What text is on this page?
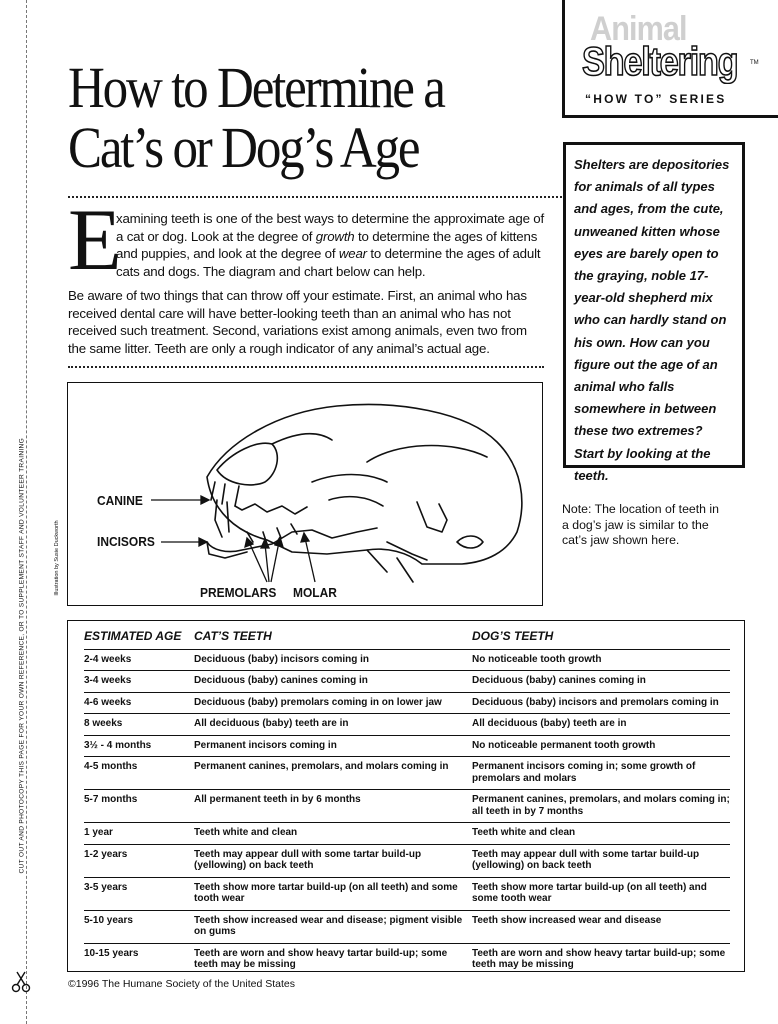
CUT OUT AND PHOTOCOPY THIS PAGE FOR YOUR OWN REFERENCE, OR TO SUPPLEMENT STAFF AND VOLUNTEER TRAINING	Illustration by Susie Duckworth
Animal
Sheltering TM
“HOW TO” SERIES
How to Determine a
Cat’s or Dog’s Age
E
xamining teeth is one of the best ways to determine the approximate age of a cat or dog. Look at the degree of growth to determine the ages of kittens and puppies, and look at the degree of wear to determine the ages of adult cats and dogs. The diagram and chart below can help.
Be aware of two things that can throw off your estimate. First, an animal who has received dental care will have better-looking teeth than an animal who has not received such treatment. Second, variations exist among animals, even two from the same litter. Teeth are only a rough indicator of any animal’s actual age.
Shelters are depositories for animals of all types and ages, from the cute, unweaned kitten whose eyes are barely open to the graying, noble 17-year-old shepherd mix who can hardly stand on his own. How can you figure out the age of an animal who falls somewhere in between these two extremes? Start by looking at the teeth.
CANINE
INCISORS
PREMOLARS MOLAR
Note: The location of teeth in a dog’s jaw is similar to the cat’s jaw shown here.
ESTIMATED AGE	CAT’S TEETH	DOG’S TEETH
2-4 weeks	Deciduous (baby) incisors coming in	No noticeable tooth growth
3-4 weeks	Deciduous (baby) canines coming in	Deciduous (baby) canines coming in
4-6 weeks	Deciduous (baby) premolars coming in on lower jaw	Deciduous (baby) incisors and premolars coming in
8 weeks	All deciduous (baby) teeth are in	All deciduous (baby) teeth are in
3½ - 4 months	Permanent incisors coming in	No noticeable permanent tooth growth
4-5 months	Permanent canines, premolars, and molars coming in	Permanent incisors coming in; some growth of premolars and molars
5-7 months	All permanent teeth in by 6 months	Permanent canines, premolars, and molars coming in; all teeth in by 7 months
1 year	Teeth white and clean	Teeth white and clean
1-2 years	Teeth may appear dull with some tartar build-up (yellowing) on back teeth	Teeth may appear dull with some tartar build-up (yellowing) on back teeth
3-5 years	Teeth show more tartar build-up (on all teeth) and some tooth wear	Teeth show more tartar build-up (on all teeth) and some tooth wear
5-10 years	Teeth show increased wear and disease; pigment visible on gums	Teeth show increased wear and disease
10-15 years	Teeth are worn and show heavy tartar build-up; some teeth may be missing	Teeth are worn and show heavy tartar build-up; some teeth may be missing
©1996 The Humane Society of the United States
